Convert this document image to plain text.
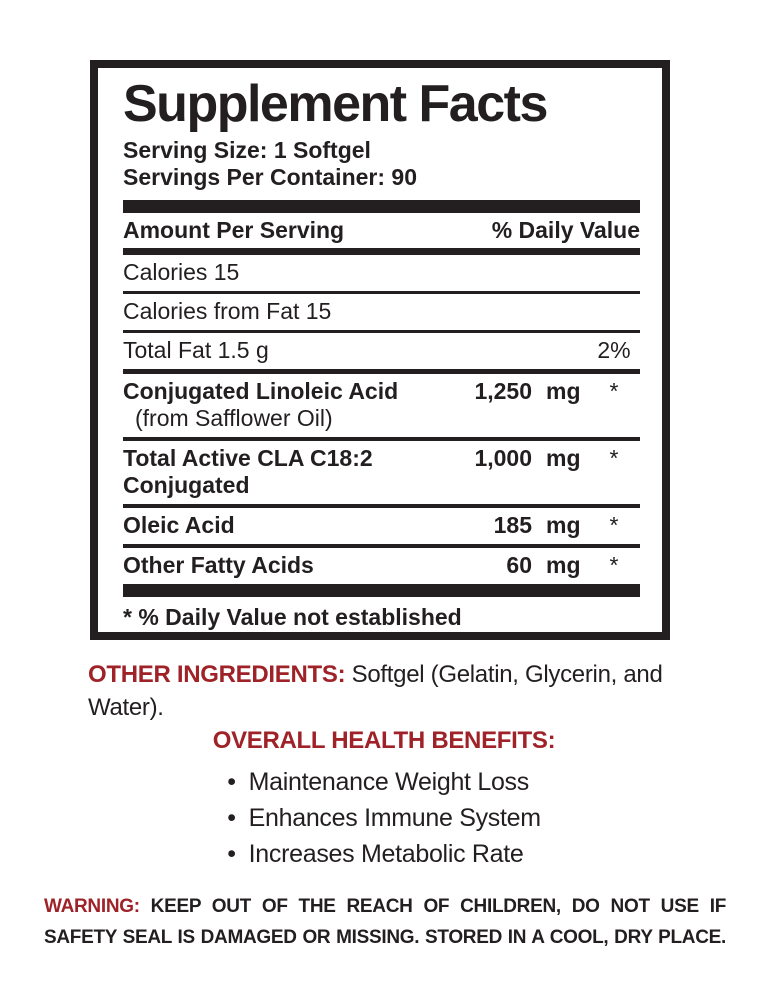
Supplement Facts
Serving Size: 1 Softgel
Servings Per Container: 90
Amount Per Serving	% Daily Value
Calories 15
Calories from Fat 15
Total Fat 1.5 g	2%
Conjugated Linoleic Acid
(from Safflower Oil)
1,250 mg	*
Total Active CLA C18:2
Conjugated
1,000 mg	*
Oleic Acid	185 mg	*
Other Fatty Acids	60 mg	*
* % Daily Value not established
OTHER INGREDIENTS: Softgel (Gelatin, Glycerin, and
Water).
OVERALL HEALTH BENEFITS:
• Maintenance Weight Loss
• Enhances Immune System
• Increases Metabolic Rate
WARNING: KEEP OUT OF THE REACH OF CHILDREN, DO NOT USE IF
SAFETY SEAL IS DAMAGED OR MISSING. STORED IN A COOL, DRY PLACE.
